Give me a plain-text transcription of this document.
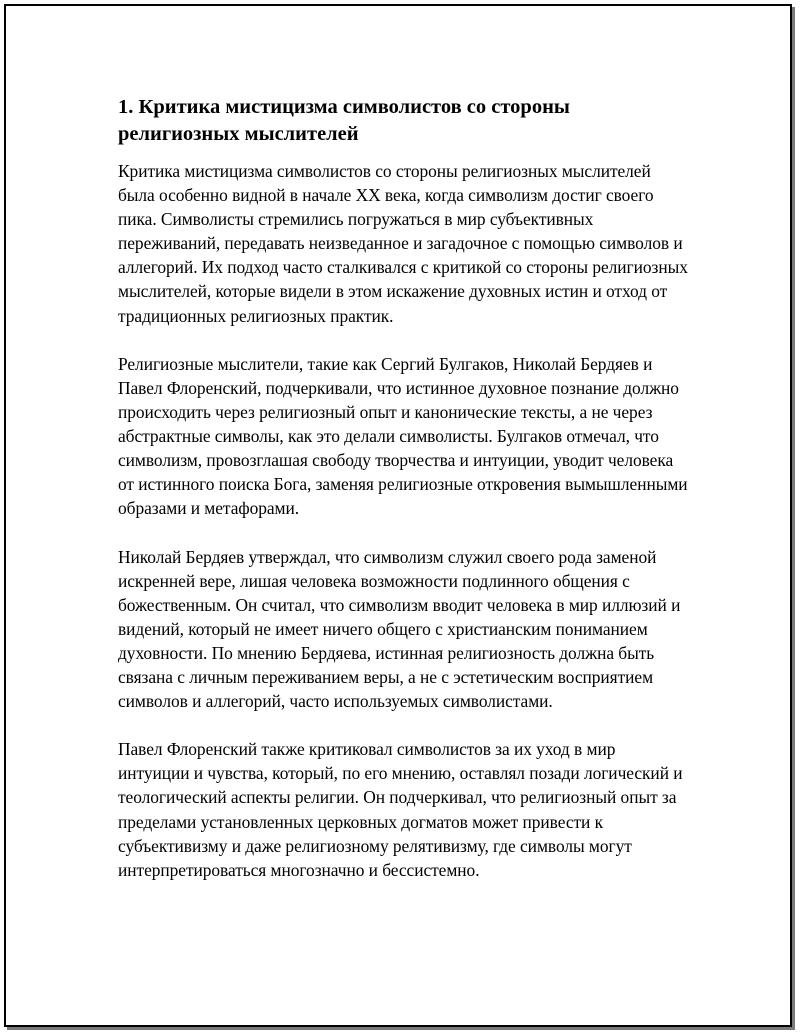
1. Критика мистицизма символистов со стороны религиозных мыслителей

Критика мистицизма символистов со стороны религиозных мыслителей была особенно видной в начале XX века, когда символизм достиг своего пика. Символисты стремились погружаться в мир субъективных переживаний, передавать неизведанное и загадочное с помощью символов и аллегорий. Их подход часто сталкивался с критикой со стороны религиозных мыслителей, которые видели в этом искажение духовных истин и отход от традиционных религиозных практик.

Религиозные мыслители, такие как Сергий Булгаков, Николай Бердяев и Павел Флоренский, подчеркивали, что истинное духовное познание должно происходить через религиозный опыт и канонические тексты, а не через абстрактные символы, как это делали символисты. Булгаков отмечал, что символизм, провозглашая свободу творчества и интуиции, уводит человека от истинного поиска Бога, заменяя религиозные откровения вымышленными образами и метафорами.

Николай Бердяев утверждал, что символизм служил своего рода заменой искренней вере, лишая человека возможности подлинного общения с божественным. Он считал, что символизм вводит человека в мир иллюзий и видений, который не имеет ничего общего с христианским пониманием духовности. По мнению Бердяева, истинная религиозность должна быть связана с личным переживанием веры, а не с эстетическим восприятием символов и аллегорий, часто используемых символистами.

Павел Флоренский также критиковал символистов за их уход в мир интуиции и чувства, который, по его мнению, оставлял позади логический и теологический аспекты религии. Он подчеркивал, что религиозный опыт за пределами установленных церковных догматов может привести к субъективизму и даже религиозному релятивизму, где символы могут интерпретироваться многозначно и бессистемно.
